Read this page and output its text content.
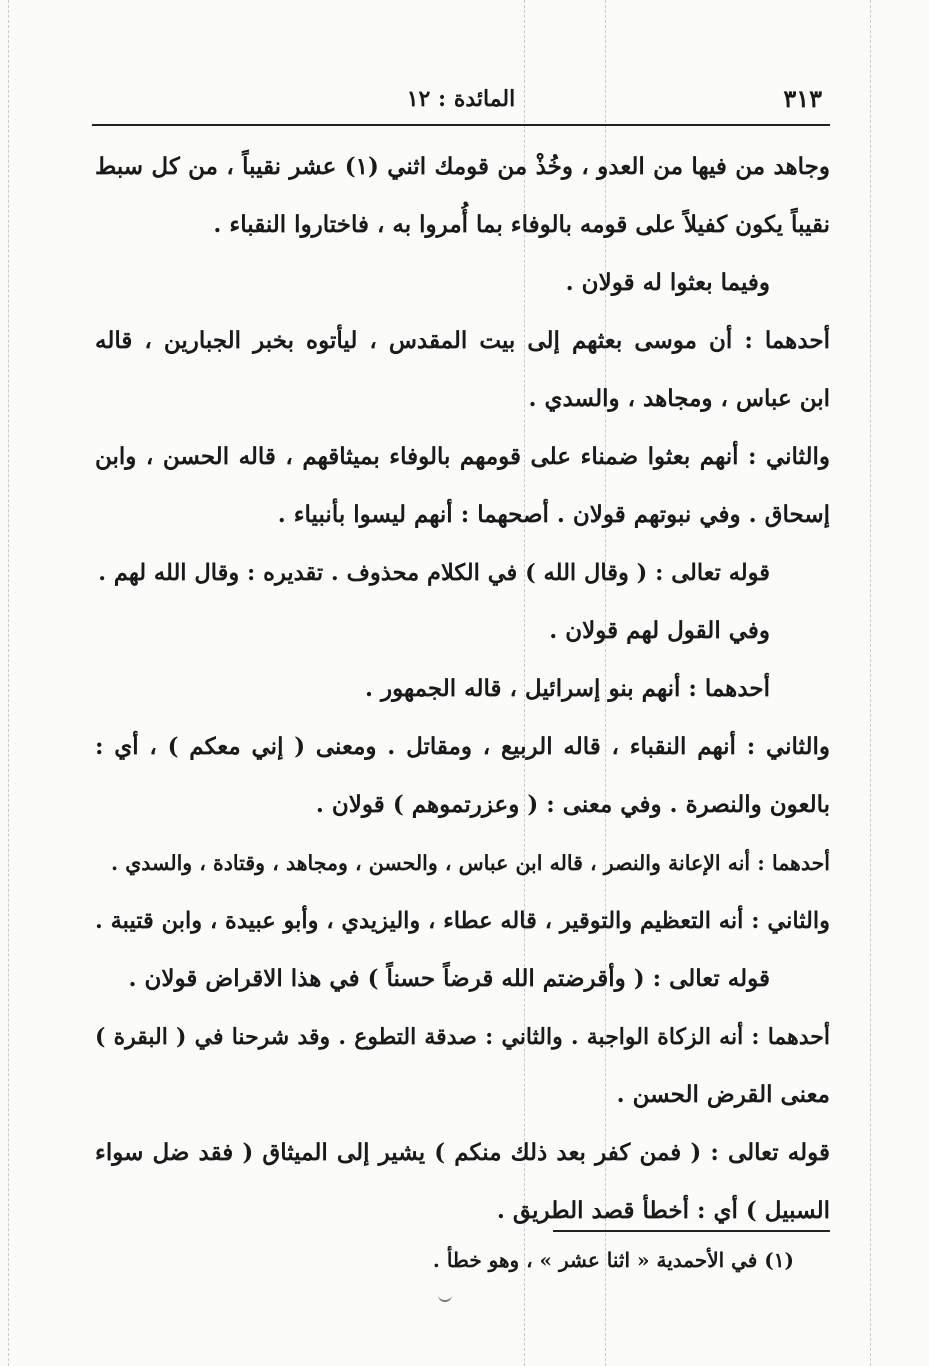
٣١٣
المائدة : ١٢
وجاهد من فيها من العدو ، وخُذْ من قومك اثني (١) عشر نقيباً ، من كل سبط
نقيباً يكون كفيلاً على قومه بالوفاء بما أُمروا به ، فاختاروا النقباء .
وفيما بعثوا له قولان .
أحدهما : أن موسى بعثهم إلى بيت المقدس ، ليأتوه بخبر الجبارين ، قاله
ابن عباس ، ومجاهد ، والسدي .
والثاني : أنهم بعثوا ضمناء على قومهم بالوفاء بميثاقهم ، قاله الحسن ، وابن
إسحاق . وفي نبوتهم قولان . أصحهما : أنهم ليسوا بأنبياء .
قوله تعالى : ( وقال الله ) في الكلام محذوف . تقديره : وقال الله لهم .
وفي القول لهم قولان .
أحدهما : أنهم بنو إسرائيل ، قاله الجمهور .
والثاني : أنهم النقباء ، قاله الربيع ، ومقاتل . ومعنى ( إني معكم ) ، أي :
بالعون والنصرة . وفي معنى : ( وعزرتموهم ) قولان .
أحدهما : أنه الإعانة والنصر ، قاله ابن عباس ، والحسن ، ومجاهد ، وقتادة ، والسدي .
والثاني : أنه التعظيم والتوقير ، قاله عطاء ، واليزيدي ، وأبو عبيدة ، وابن قتيبة .
قوله تعالى : ( وأقرضتم الله قرضاً حسناً ) في هذا الاقراض قولان .
أحدهما : أنه الزكاة الواجبة . والثاني : صدقة التطوع . وقد شرحنا في ( البقرة )
معنى القرض الحسن .
قوله تعالى : ( فمن كفر بعد ذلك منكم ) يشير إلى الميثاق ( فقد ضل سواء
السبيل ) أي : أخطأ قصد الطريق .
(١) في الأحمدية « اثنا عشر » ، وهو خطأ .
